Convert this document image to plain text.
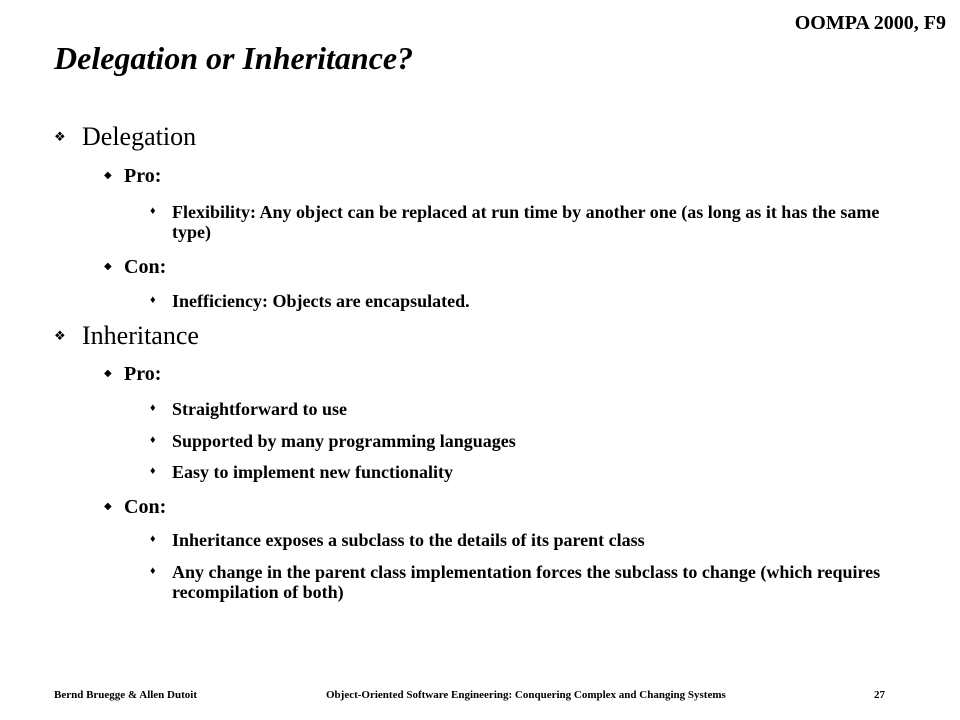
OOMPA 2000, F9
Delegation or Inheritance?
❖ Delegation
◆ Pro:
♦ Flexibility: Any object can be replaced at run time by another one (as long as it has the same type)
◆ Con:
♦ Inefficiency: Objects are encapsulated.
❖ Inheritance
◆ Pro:
♦ Straightforward to use
♦ Supported by many programming languages
♦ Easy to implement new functionality
◆ Con:
♦ Inheritance exposes a subclass to the details of its parent class
♦ Any change in the parent class implementation forces the subclass to change (which requires recompilation of both)
Bernd Bruegge & Allen Dutoit	Object-Oriented Software Engineering: Conquering Complex and Changing Systems	27
